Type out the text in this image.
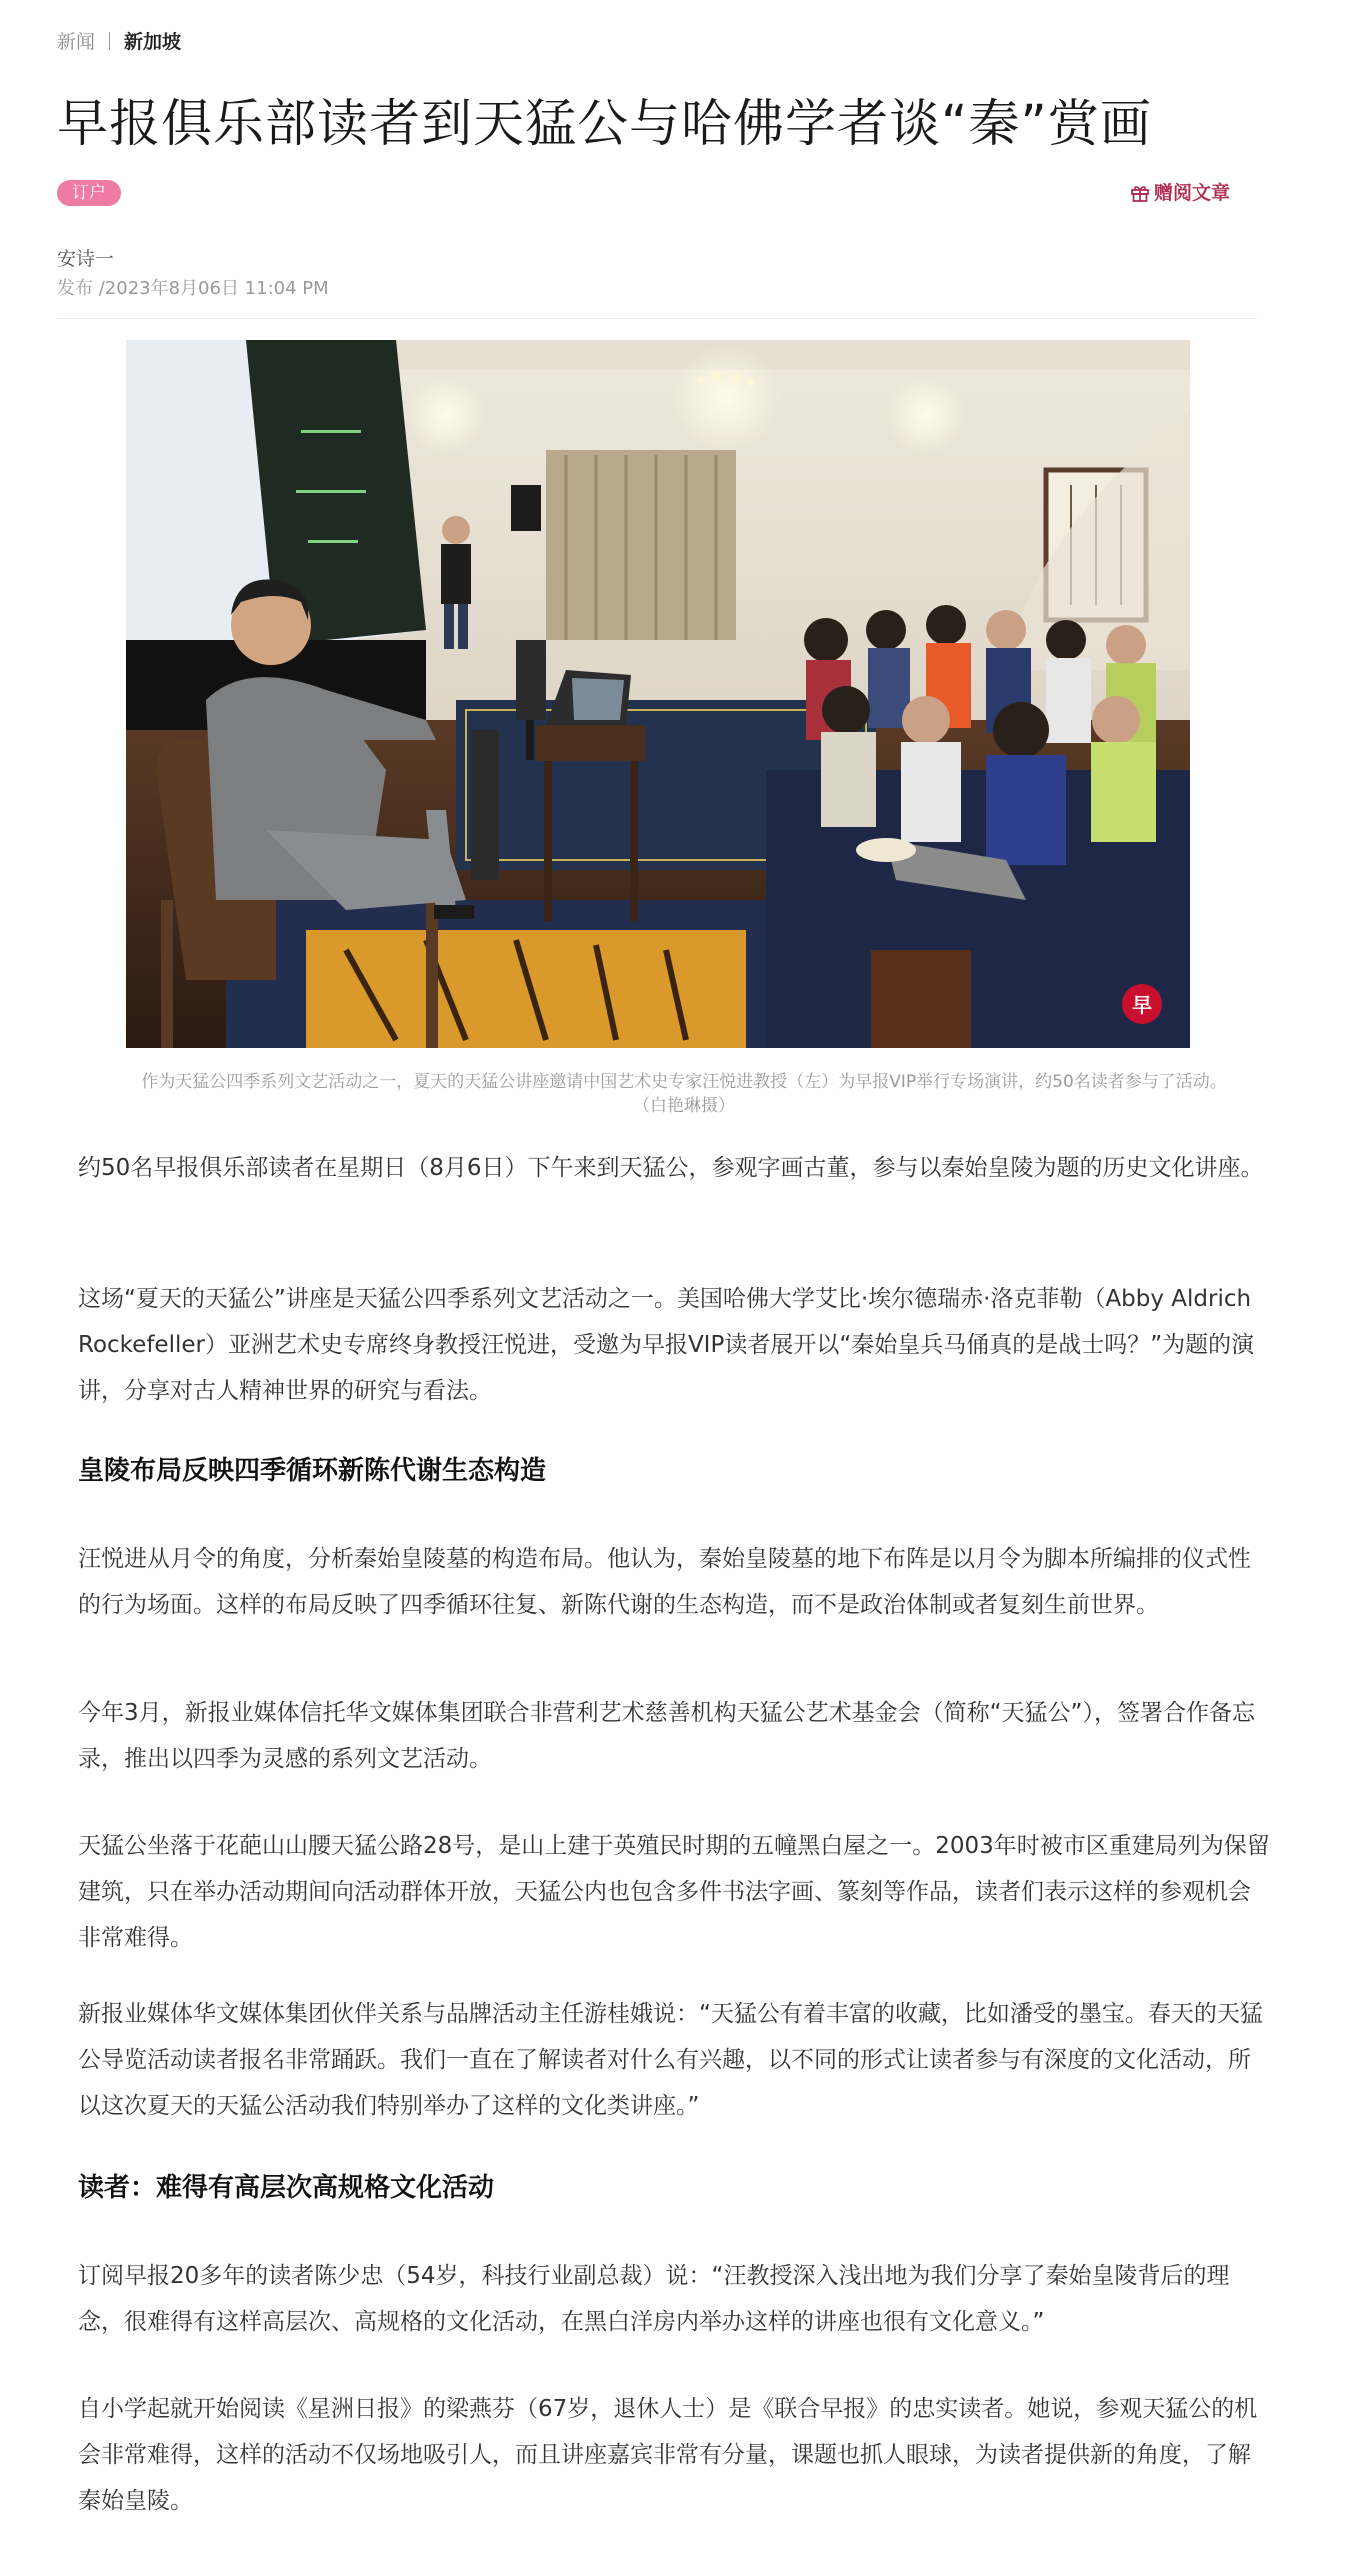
新闻 新加坡
早报俱乐部读者到天猛公与哈佛学者谈“秦”赏画
订户	赠阅文章
安诗一
发布 /2023年8月06日 11:04 PM
早
作为天猛公四季系列文艺活动之一，夏天的天猛公讲座邀请中国艺术史专家汪悦进教授（左）为早报VIP举行专场演讲，约50名读者参与了活动。
（白艳琳摄）

约50名早报俱乐部读者在星期日（8月6日）下午来到天猛公，参观字画古董，参与以秦始皇陵为题的历史文化讲座。

这场“夏天的天猛公”讲座是天猛公四季系列文艺活动之一。美国哈佛大学艾比·埃尔德瑞赤·洛克菲勒（Abby Aldrich Rockefeller）亚洲艺术史专席终身教授汪悦进，受邀为早报VIP读者展开以“秦始皇兵马俑真的是战士吗？”为题的演讲，分享对古人精神世界的研究与看法。

皇陵布局反映四季循环新陈代谢生态构造

汪悦进从月令的角度，分析秦始皇陵墓的构造布局。他认为，秦始皇陵墓的地下布阵是以月令为脚本所编排的仪式性的行为场面。这样的布局反映了四季循环往复、新陈代谢的生态构造，而不是政治体制或者复刻生前世界。

今年3月，新报业媒体信托华文媒体集团联合非营利艺术慈善机构天猛公艺术基金会（简称“天猛公”），签署合作备忘录，推出以四季为灵感的系列文艺活动。

天猛公坐落于花葩山山腰天猛公路28号，是山上建于英殖民时期的五幢黑白屋之一。2003年时被市区重建局列为保留建筑，只在举办活动期间向活动群体开放，天猛公内也包含多件书法字画、篆刻等作品，读者们表示这样的参观机会非常难得。

新报业媒体华文媒体集团伙伴关系与品牌活动主任游桂娥说：“天猛公有着丰富的收藏，比如潘受的墨宝。春天的天猛公导览活动读者报名非常踊跃。我们一直在了解读者对什么有兴趣，以不同的形式让读者参与有深度的文化活动，所以这次夏天的天猛公活动我们特别举办了这样的文化类讲座。”

读者：难得有高层次高规格文化活动

订阅早报20多年的读者陈少忠（54岁，科技行业副总裁）说：“汪教授深入浅出地为我们分享了秦始皇陵背后的理念，很难得有这样高层次、高规格的文化活动，在黑白洋房内举办这样的讲座也很有文化意义。”

自小学起就开始阅读《星洲日报》的梁燕芬（67岁，退休人士）是《联合早报》的忠实读者。她说，参观天猛公的机会非常难得，这样的活动不仅场地吸引人，而且讲座嘉宾非常有分量，课题也抓人眼球，为读者提供新的角度，了解秦始皇陵。
